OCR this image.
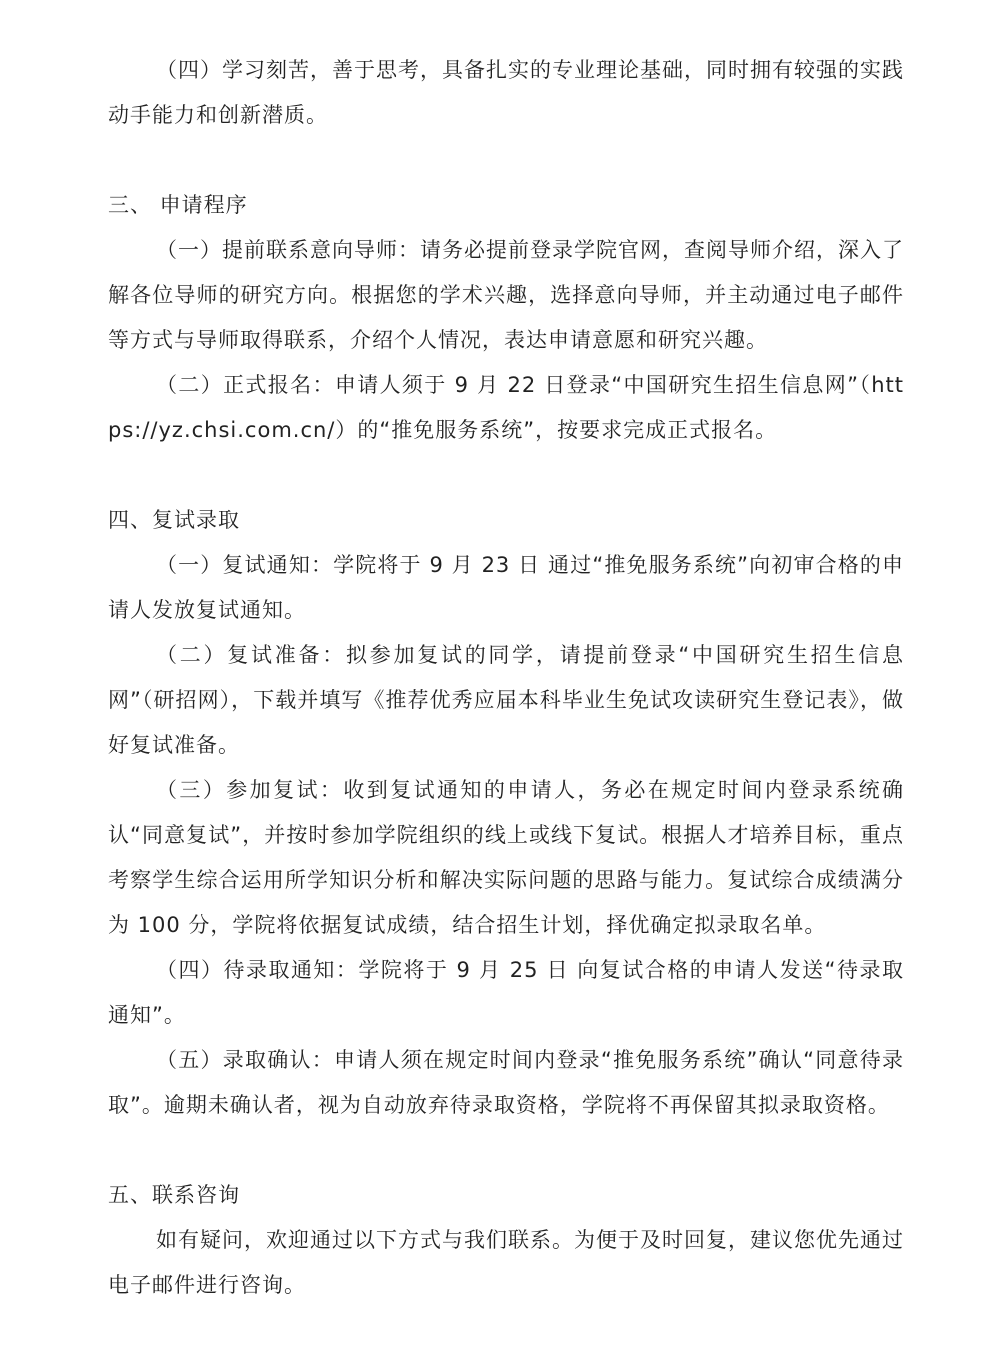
（四）学习刻苦，善于思考，具备扎实的专业理论基础，同时拥有较强的实践动手能力和创新潜质。

三、 申请程序

（一）提前联系意向导师：请务必提前登录学院官网，查阅导师介绍，深入了解各位导师的研究方向。根据您的学术兴趣，选择意向导师，并主动通过电子邮件等方式与导师取得联系，介绍个人情况，表达申请意愿和研究兴趣。

（二）正式报名：申请人须于 9 月 22 日登录“中国研究生招生信息网”（https://yz.chsi.com.cn/）的“推免服务系统”，按要求完成正式报名。

四、复试录取

（一）复试通知：学院将于 9 月 23 日 通过“推免服务系统”向初审合格的申请人发放复试通知。

（二）复试准备：拟参加复试的同学，请提前登录“中国研究生招生信息网”（研招网），下载并填写《推荐优秀应届本科毕业生免试攻读研究生登记表》，做好复试准备。

（三）参加复试：收到复试通知的申请人，务必在规定时间内登录系统确认“同意复试”，并按时参加学院组织的线上或线下复试。根据人才培养目标，重点考察学生综合运用所学知识分析和解决实际问题的思路与能力。复试综合成绩满分为 100 分，学院将依据复试成绩，结合招生计划，择优确定拟录取名单。

（四）待录取通知：学院将于 9 月 25 日 向复试合格的申请人发送“待录取通知”。

（五）录取确认：申请人须在规定时间内登录“推免服务系统”确认“同意待录取”。逾期未确认者，视为自动放弃待录取资格，学院将不再保留其拟录取资格。

五、联系咨询

如有疑问，欢迎通过以下方式与我们联系。为便于及时回复，建议您优先通过电子邮件进行咨询。
